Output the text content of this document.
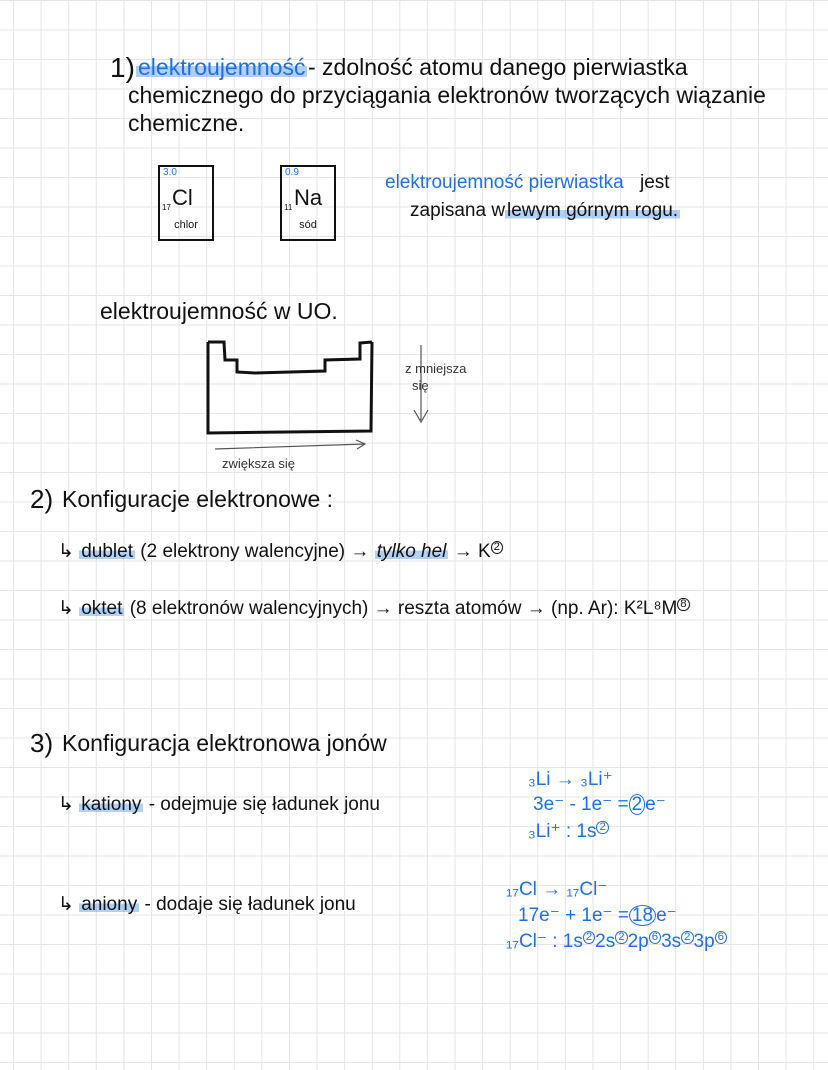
1) elektroujemność - zdolność atomu danego pierwiastka
chemicznego do przyciągania elektronów tworzących wiązanie
chemiczne.
3.0
Cl
17
chlor
0.9
Na
11
sód
elektroujemność pierwiastka jest
zapisana w lewym górnym rogu.
elektroujemność w UO.
z mniejsza
się
zwiększa się
2) Konfiguracje elektronowe :
↳ dublet (2 elektrony walencyjne) → tylko hel → K $^2$
↳ oktet (8 elektronów walencyjnych) → reszta atomów → (np. Ar): K²L⁸M $^8$
3) Konfiguracja elektronowa jonów
↳ kationy - odejmuje się ładunek jonu
₃Li → ₃Li⁺
3e⁻ - 1e⁻ = 2 e⁻
₃Li⁺ : 1s $^2$
↳ aniony - dodaje się ładunek jonu
₁₇Cl → ₁₇Cl⁻
17e⁻ + 1e⁻ = 18 e⁻
₁₇Cl⁻ : 1s $^2$ 2s $^2$ 2p $^6$ 3s $^2$ 3p $^6$
